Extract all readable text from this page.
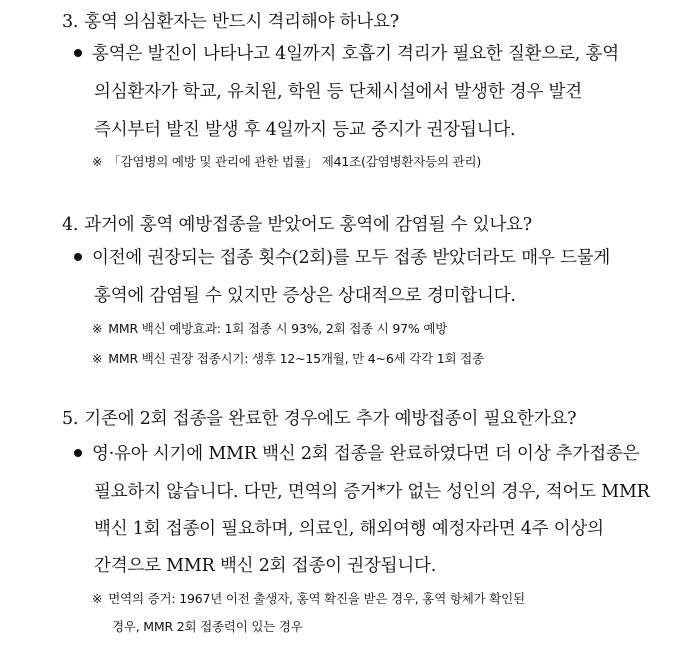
3. 홍역 의심환자는 반드시 격리해야 하나요?
홍역은 발진이 나타나고 4일까지 호흡기 격리가 필요한 질환으로, 홍역
의심환자가 학교, 유치원, 학원 등 단체시설에서 발생한 경우 발견
즉시부터 발진 발생 후 4일까지 등교 중지가 권장됩니다.
※ 「감염병의 예방 및 관리에 관한 법률」 제41조(감염병환자등의 관리)
4. 과거에 홍역 예방접종을 받았어도 홍역에 감염될 수 있나요?
이전에 권장되는 접종 횟수(2회)를 모두 접종 받았더라도 매우 드물게
홍역에 감염될 수 있지만 증상은 상대적으로 경미합니다.
※ MMR 백신 예방효과: 1회 접종 시 93%, 2회 접종 시 97% 예방
※ MMR 백신 권장 접종시기: 생후 12~15개월, 만 4~6세 각각 1회 접종
5. 기존에 2회 접종을 완료한 경우에도 추가 예방접종이 필요한가요?
영·유아 시기에 MMR 백신 2회 접종을 완료하였다면 더 이상 추가접종은
필요하지 않습니다. 다만, 면역의 증거*가 없는 성인의 경우, 적어도 MMR
백신 1회 접종이 필요하며, 의료인, 해외여행 예정자라면 4주 이상의
간격으로 MMR 백신 2회 접종이 권장됩니다.
※ 면역의 증거: 1967년 이전 출생자, 홍역 확진을 받은 경우, 홍역 항체가 확인된
경우, MMR 2회 접종력이 있는 경우
